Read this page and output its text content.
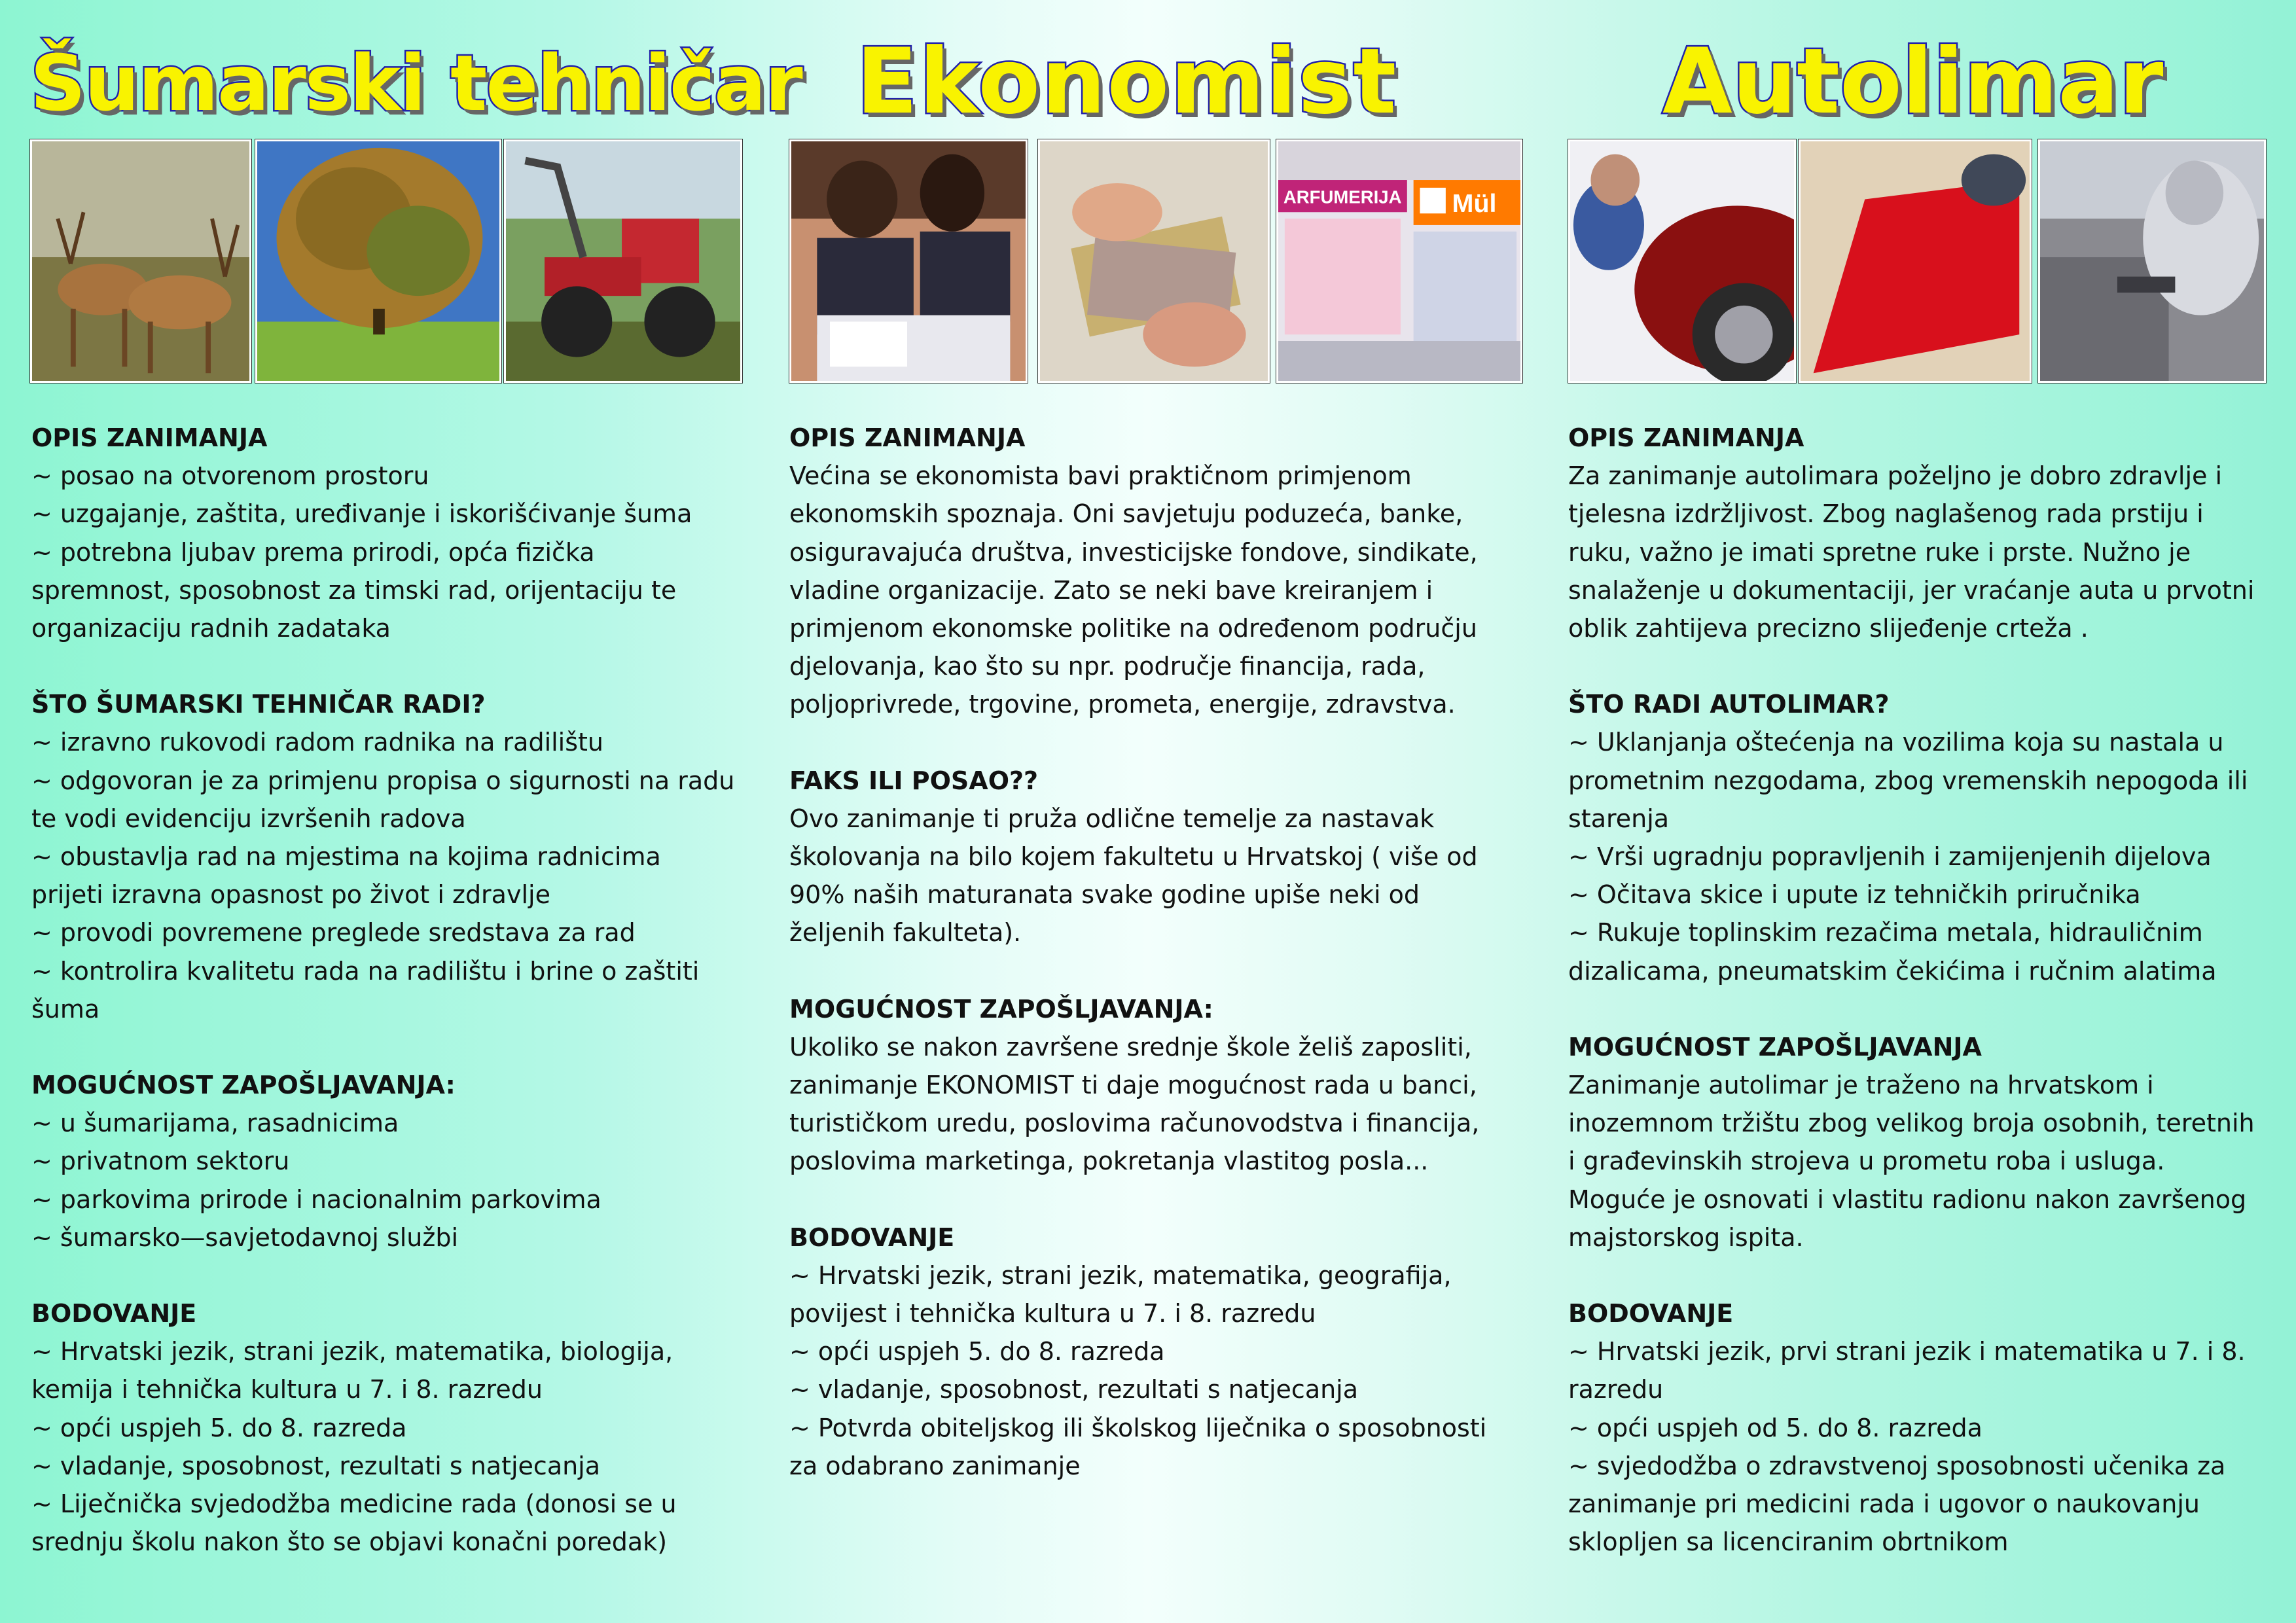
Šumarski tehničar Ekonomist	Autolimar
ARFUMERIJA Mül

OPIS ZANIMANJA
~ posao na otvorenom prostoru
~ uzgajanje, zaštita, uređivanje i iskorišćivanje šuma
~ potrebna ljubav prema prirodi, opća fizička
spremnost, sposobnost za timski rad, orijentaciju te
organizaciju radnih zadataka

ŠTO ŠUMARSKI TEHNIČAR RADI?
~ izravno rukovodi radom radnika na radilištu
~ odgovoran je za primjenu propisa o sigurnosti na radu
te vodi evidenciju izvršenih radova
~ obustavlja rad na mjestima na kojima radnicima
prijeti izravna opasnost po život i zdravlje
~ provodi povremene preglede sredstava za rad
~ kontrolira kvalitetu rada na radilištu i brine o zaštiti
šuma

MOGUĆNOST ZAPOŠLJAVANJA:
~ u šumarijama, rasadnicima
~ privatnom sektoru
~ parkovima prirode i nacionalnim parkovima
~ šumarsko—savjetodavnoj službi

BODOVANJE
~ Hrvatski jezik, strani jezik, matematika, biologija,
kemija i tehnička kultura u 7. i 8. razredu
~ opći uspjeh 5. do 8. razreda
~ vladanje, sposobnost, rezultati s natjecanja
~ Liječnička svjedodžba medicine rada (donosi se u
srednju školu nakon što se objavi konačni poredak)

OPIS ZANIMANJA
Većina se ekonomista bavi praktičnom primjenom
ekonomskih spoznaja. Oni savjetuju poduzeća, banke,
osiguravajuća društva, investicijske fondove, sindikate,
vladine organizacije. Zato se neki bave kreiranjem i
primjenom ekonomske politike na određenom području
djelovanja, kao što su npr. područje financija, rada,
poljoprivrede, trgovine, prometa, energije, zdravstva.

FAKS ILI POSAO??
Ovo zanimanje ti pruža odlične temelje za nastavak
školovanja na bilo kojem fakultetu u Hrvatskoj ( više od
90% naših maturanata svake godine upiše neki od
željenih fakulteta).

MOGUĆNOST ZAPOŠLJAVANJA:
Ukoliko se nakon završene srednje škole želiš zaposliti,
zanimanje EKONOMIST ti daje mogućnost rada u banci,
turističkom uredu, poslovima računovodstva i financija,
poslovima marketinga, pokretanja vlastitog posla...

BODOVANJE
~ Hrvatski jezik, strani jezik, matematika, geografija,
povijest i tehnička kultura u 7. i 8. razredu
~ opći uspjeh 5. do 8. razreda
~ vladanje, sposobnost, rezultati s natjecanja
~ Potvrda obiteljskog ili školskog liječnika o sposobnosti
za odabrano zanimanje

OPIS ZANIMANJA
Za zanimanje autolimara poželjno je dobro zdravlje i
tjelesna izdržljivost. Zbog naglašenog rada prstiju i
ruku, važno je imati spretne ruke i prste. Nužno je
snalaženje u dokumentaciji, jer vraćanje auta u prvotni
oblik zahtijeva precizno slijeđenje crteža .

ŠTO RADI AUTOLIMAR?
~ Uklanjanja oštećenja na vozilima koja su nastala u
prometnim nezgodama, zbog vremenskih nepogoda ili
starenja
~ Vrši ugradnju popravljenih i zamijenjenih dijelova
~ Očitava skice i upute iz tehničkih priručnika
~ Rukuje toplinskim rezačima metala, hidrauličnim
dizalicama, pneumatskim čekićima i ručnim alatima

MOGUĆNOST ZAPOŠLJAVANJA
Zanimanje autolimar je traženo na hrvatskom i
inozemnom tržištu zbog velikog broja osobnih, teretnih
i građevinskih strojeva u prometu roba i usluga.
Moguće je osnovati i vlastitu radionu nakon završenog
majstorskog ispita.

BODOVANJE
~ Hrvatski jezik, prvi strani jezik i matematika u 7. i 8.
razredu
~ opći uspjeh od 5. do 8. razreda
~ svjedodžba o zdravstvenoj sposobnosti učenika za
zanimanje pri medicini rada i ugovor o naukovanju
sklopljen sa licenciranim obrtnikom
